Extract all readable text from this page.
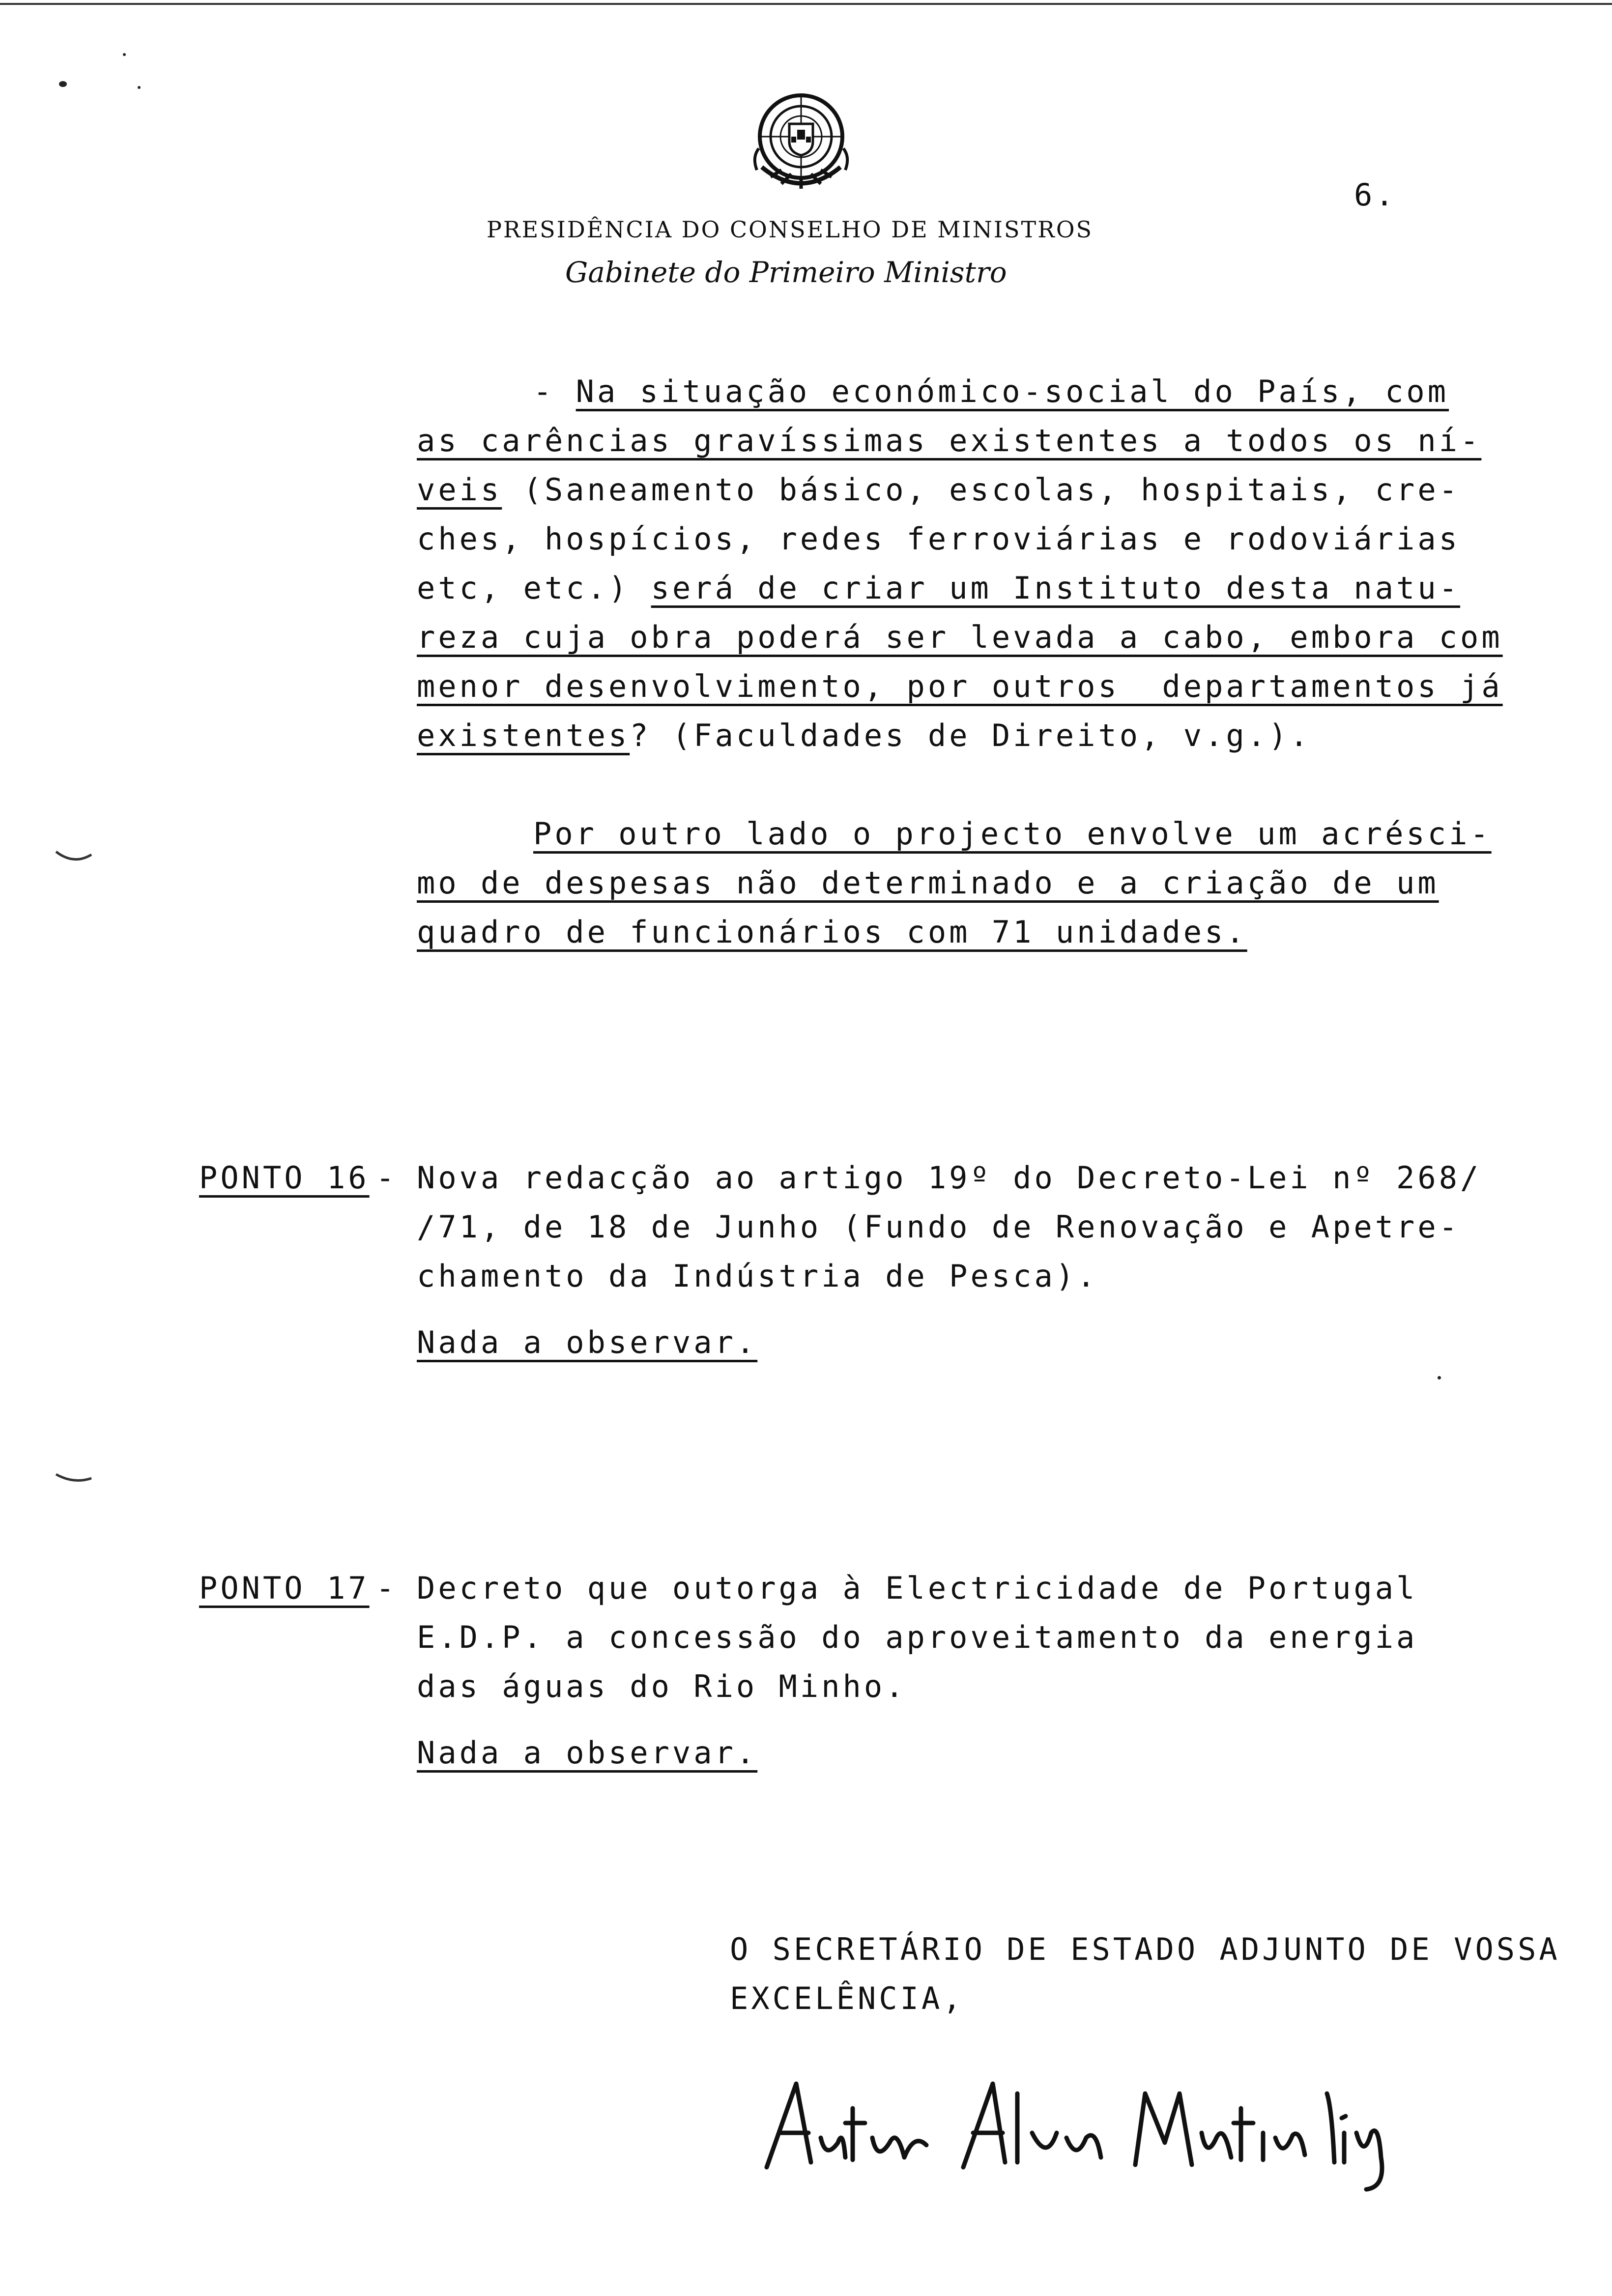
PRESIDÊNCIA DO CONSELHO DE MINISTROS
Gabinete do Primeiro Ministro
6.

- Na situação económico-social do País, com

as carências gravíssimas existentes a todos os ní-

veis (Saneamento básico, escolas, hospitais, cre-

ches, hospícios, redes ferroviárias e rodoviárias

etc, etc.) será de criar um Instituto desta natu-

reza cuja obra poderá ser levada a cabo, embora com

menor desenvolvimento, por outros  departamentos já

existentes? (Faculdades de Direito, v.g.).

Por outro lado o projecto envolve um acrésci-

mo de despesas não determinado e a criação de um

quadro de funcionários com 71 unidades.

PONTO 16

-

Nova redacção ao artigo 19º do Decreto-Lei nº 268/

/71, de 18 de Junho (Fundo de Renovação e Apetre-

chamento da Indústria de Pesca).

Nada a observar.

PONTO 17

-

Decreto que outorga à Electricidade de Portugal

E.D.P. a concessão do aproveitamento da energia

das águas do Rio Minho.

Nada a observar.

O SECRETÁRIO DE ESTADO ADJUNTO DE VOSSA

EXCELÊNCIA,
